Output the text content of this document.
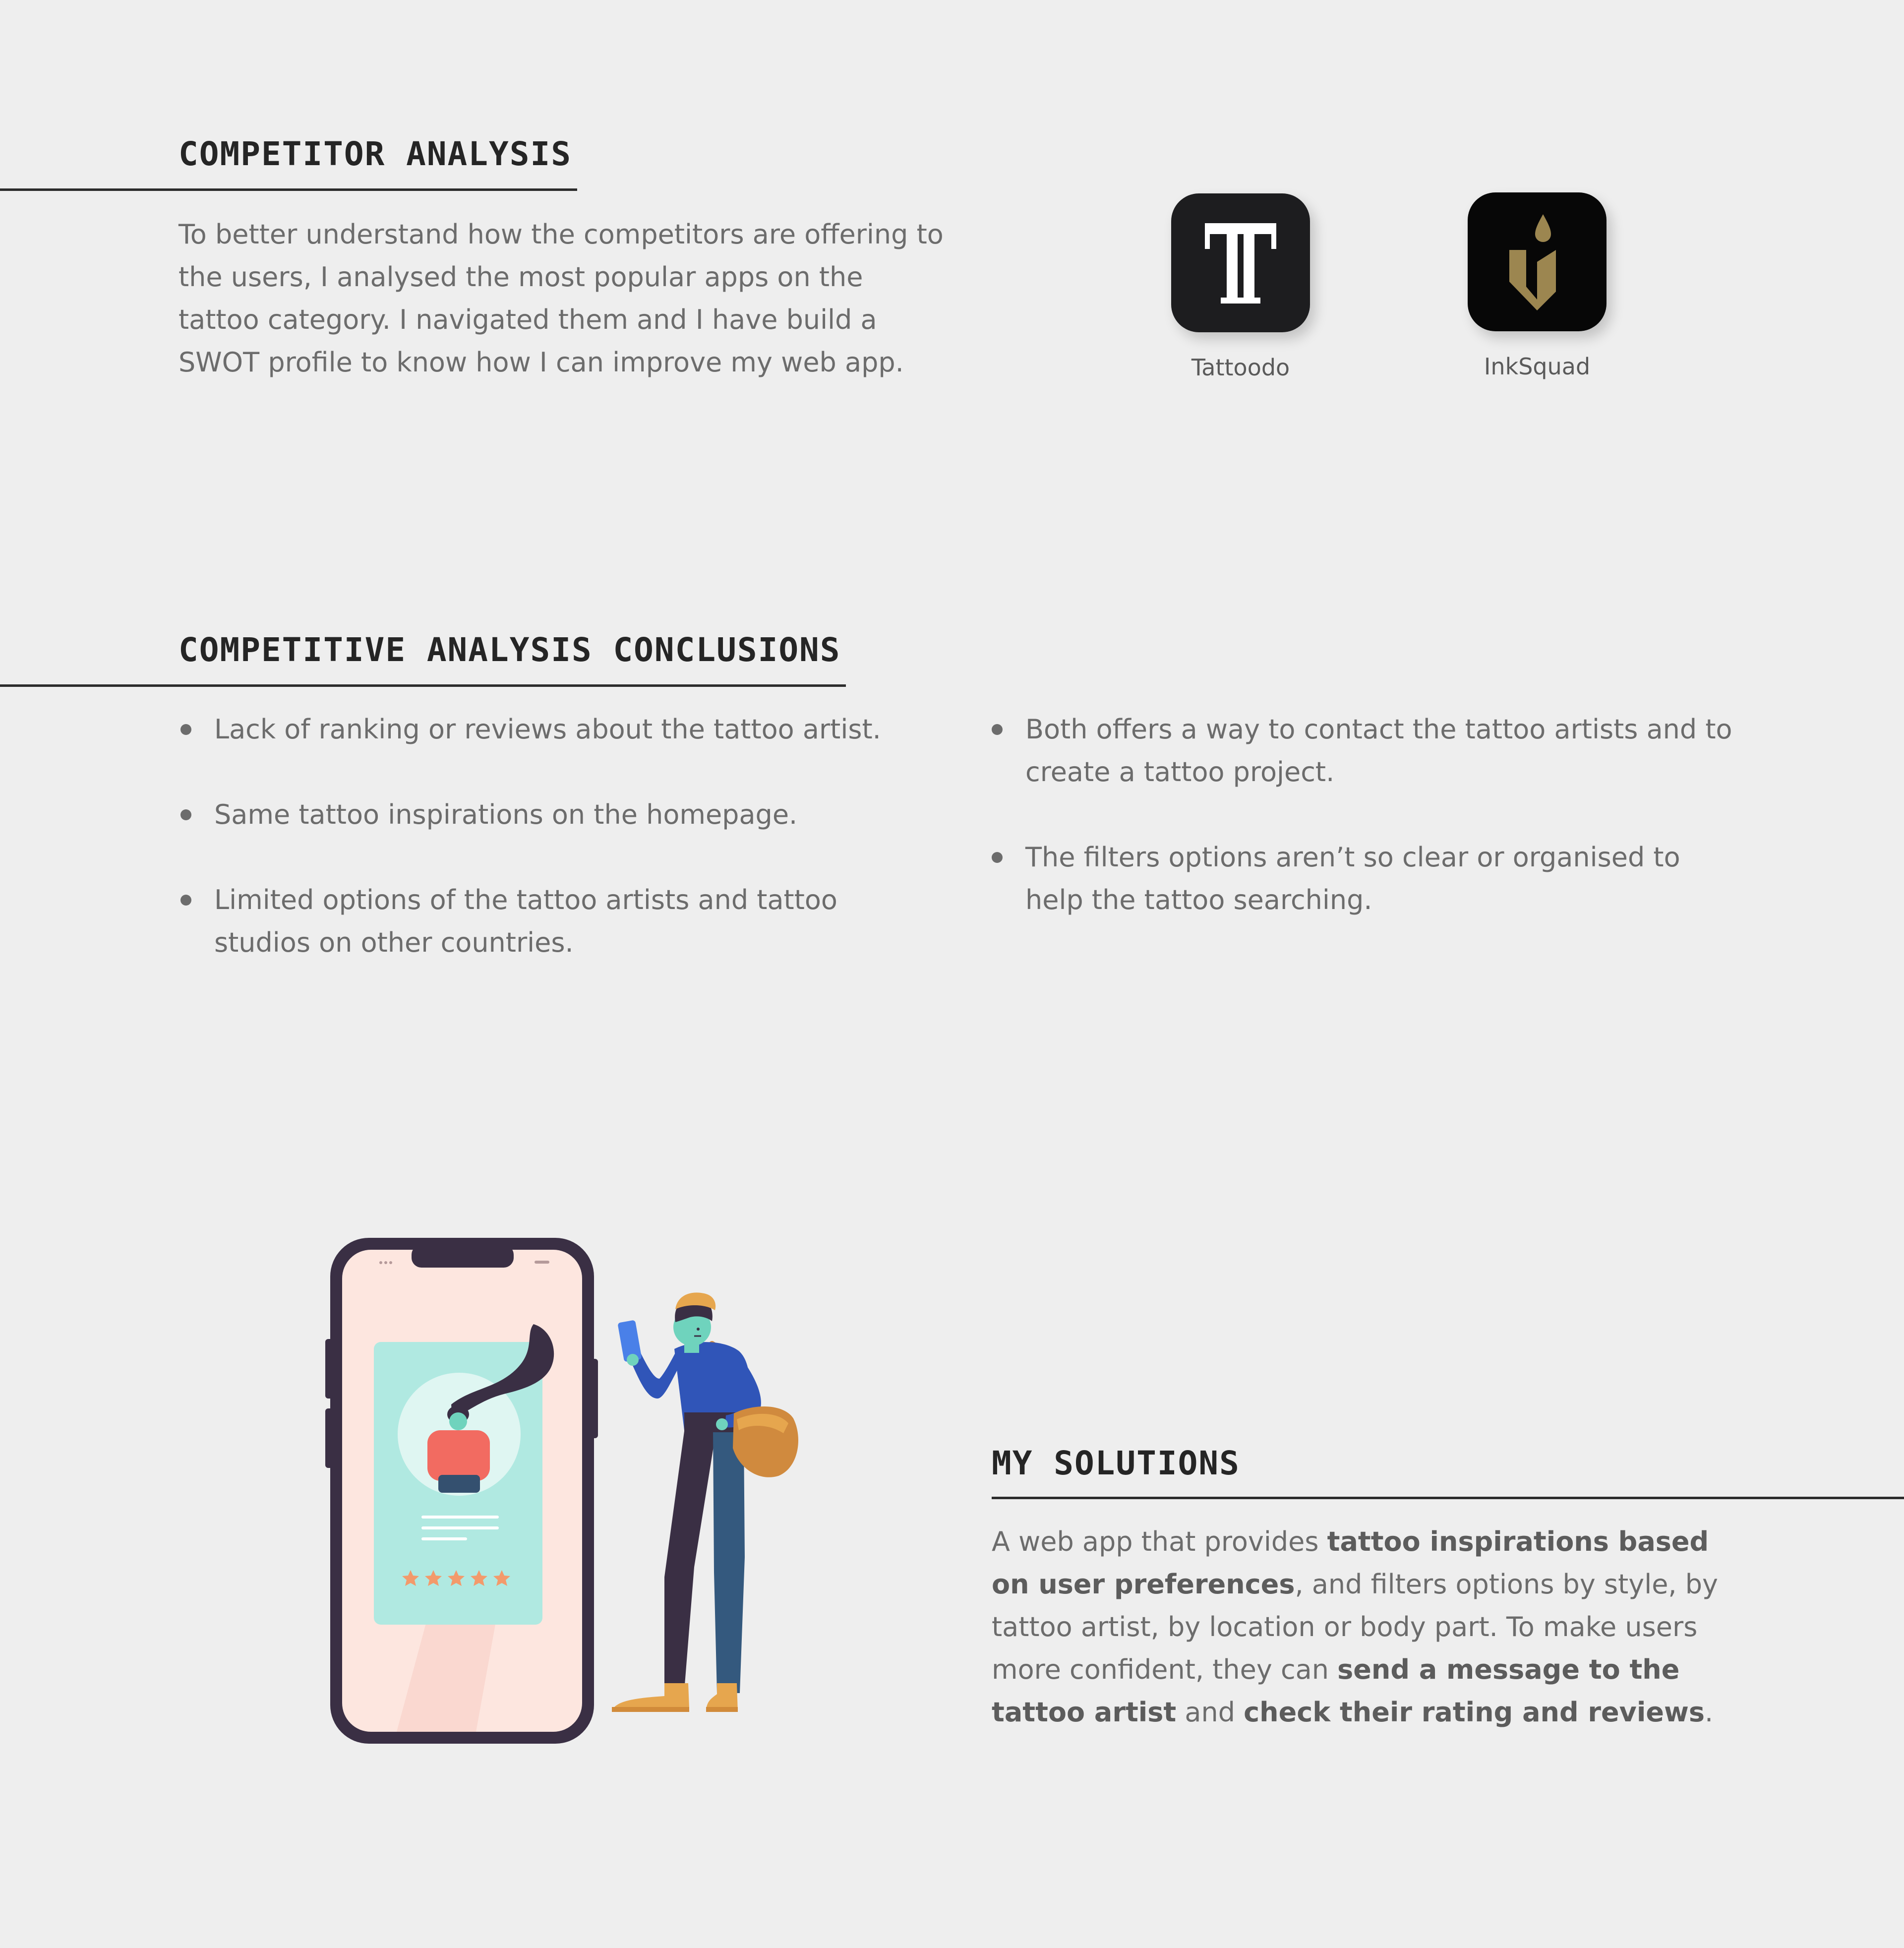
COMPETITOR ANALYSIS

To better understand how the competitors are offering to the users, I analysed the most popular apps on the tattoo category. I navigated them and I have build a SWOT profile to know how I can improve my web app.	Tattoodo	InkSquad
COMPETITIVE ANALYSIS CONCLUSIONS
Lack of ranking or reviews about the tattoo artist.
Same tattoo inspirations on the homepage.
Limited options of the tattoo artists and tattoo studios on other countries.
Both offers a way to contact the tattoo artists and to create a tattoo project.
The filters options aren’t so clear or organised to help the tattoo searching.
MY SOLUTIONS

A web app that provides tattoo inspirations based on user preferences, and filters options by style, by tattoo artist, by location or body part. To make users more confident, they can send a message to the tattoo artist and check their rating and reviews.
